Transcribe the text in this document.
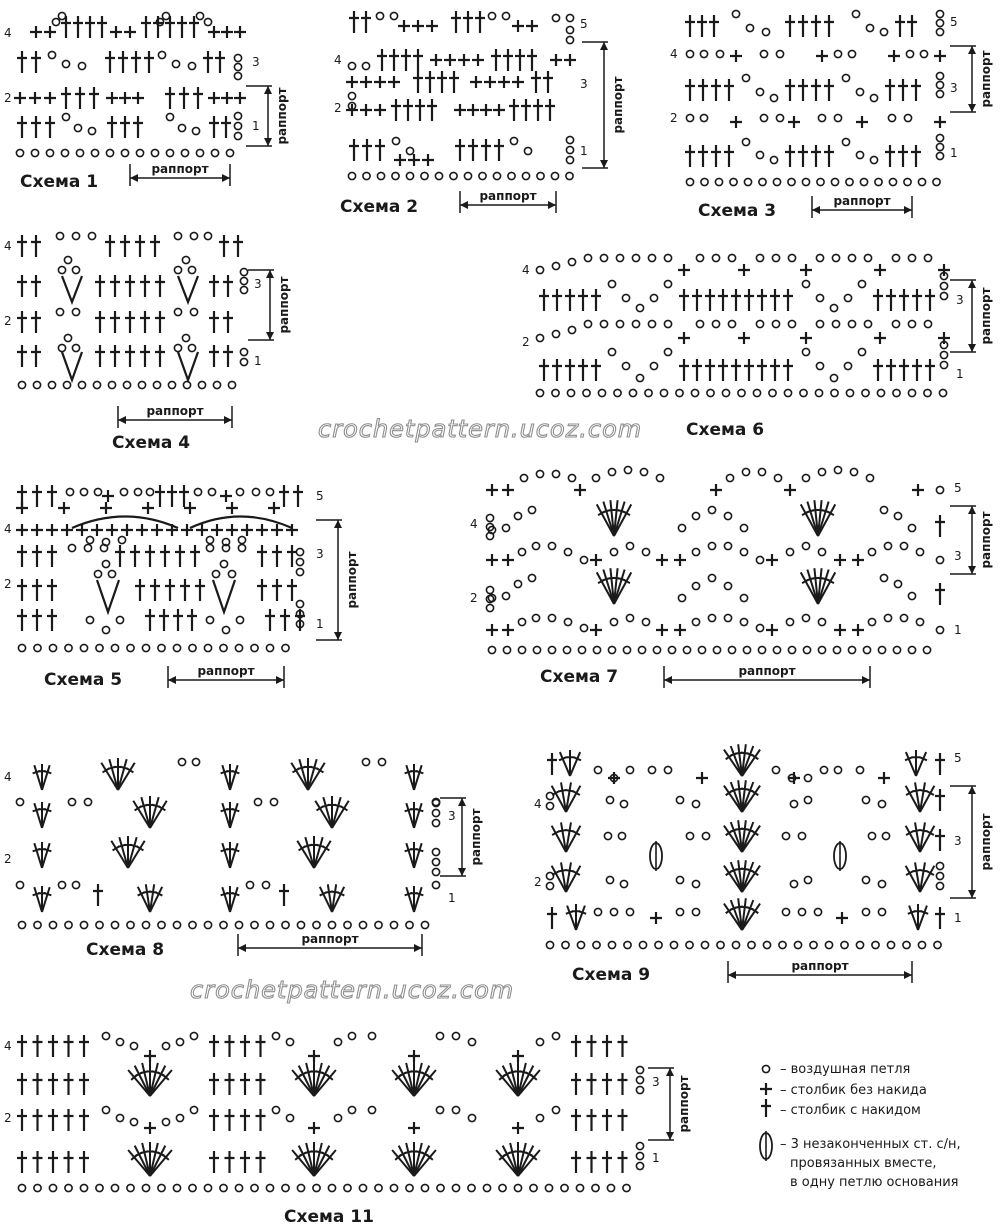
4
2
3
1 раппорт
раппорт
Схема 1
4
2
5
3
1
раппорт
раппорт
Схема 2
4
2
5
3
1
раппорт
раппорт
Схема 3
4
2
3
1
раппорт
раппорт
Схема 4
4
2
3
1
раппорт
Схема 6
4
2
5
3
1
раппорт
раппорт
Схема 5
4
2
5
3
1
раппорт
раппорт
Схема 7
4
2
3
1
раппорт
раппорт
Схема 8
4
2
5
3
1
раппорт
раппорт
Схема 9
4
2
3
1
раппорт
Схема 11
– воздушная петля
– столбик без накида
– столбик с накидом
– 3 незаконченных ст. с/н,
провязанных вместе,
в одну петлю основания
crochetpattern.ucoz.com
crochetpattern.ucoz.com
